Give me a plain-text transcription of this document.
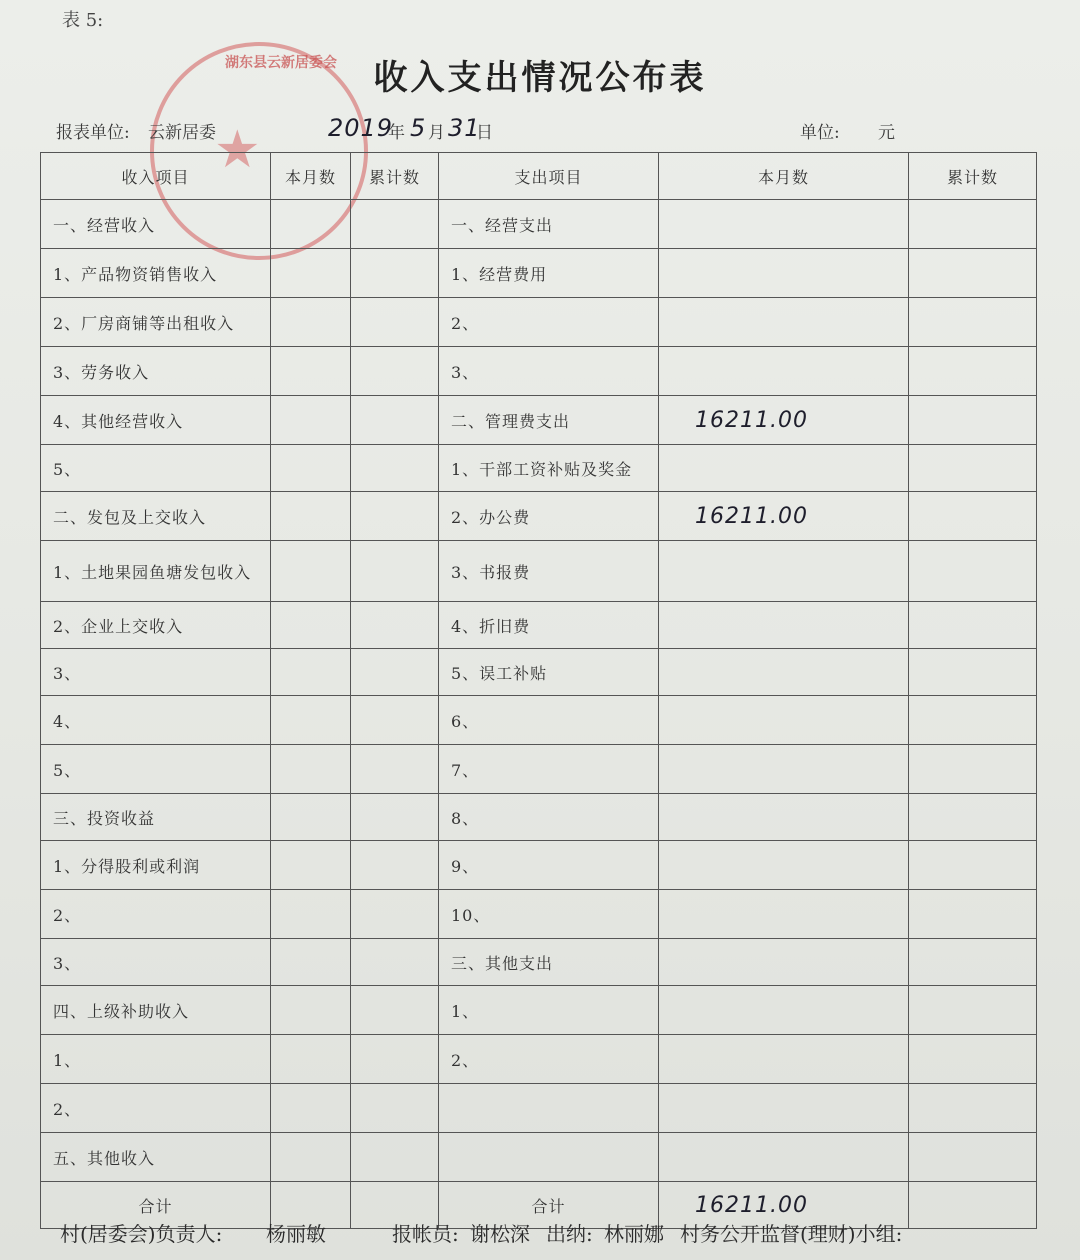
湖东县云新居委会
★
表 5:
收入支出情况公布表
报表单位: 云新居委	2019
年 5 月 31
日	单位: 元
收入项目	本月数	累计数	支出项目	本月数	累计数
一、经营收入			一、经营支出		
1、产品物资销售收入			1、经营费用		
2、厂房商铺等出租收入			2、		
3、劳务收入			3、		
4、其他经营收入			二、管理费支出	16211.00	
5、			1、干部工资补贴及奖金		
二、发包及上交收入			2、办公费	16211.00	
1、土地果园鱼塘发包收入			3、书报费		
2、企业上交收入			4、折旧费		
3、			5、误工补贴		
4、			6、		
5、			7、		
三、投资收益			8、		
1、分得股利或利润			9、		
2、			10、		
3、			三、其他支出		
四、上级补助收入			1、		
1、			2、		
2、					
五、其他收入					
合计			合计	16211.00	
村(居委会)负责人: 杨丽敏	报帐员: 谢松深 出纳: 林丽娜 村务公开监督(理财)小组:
